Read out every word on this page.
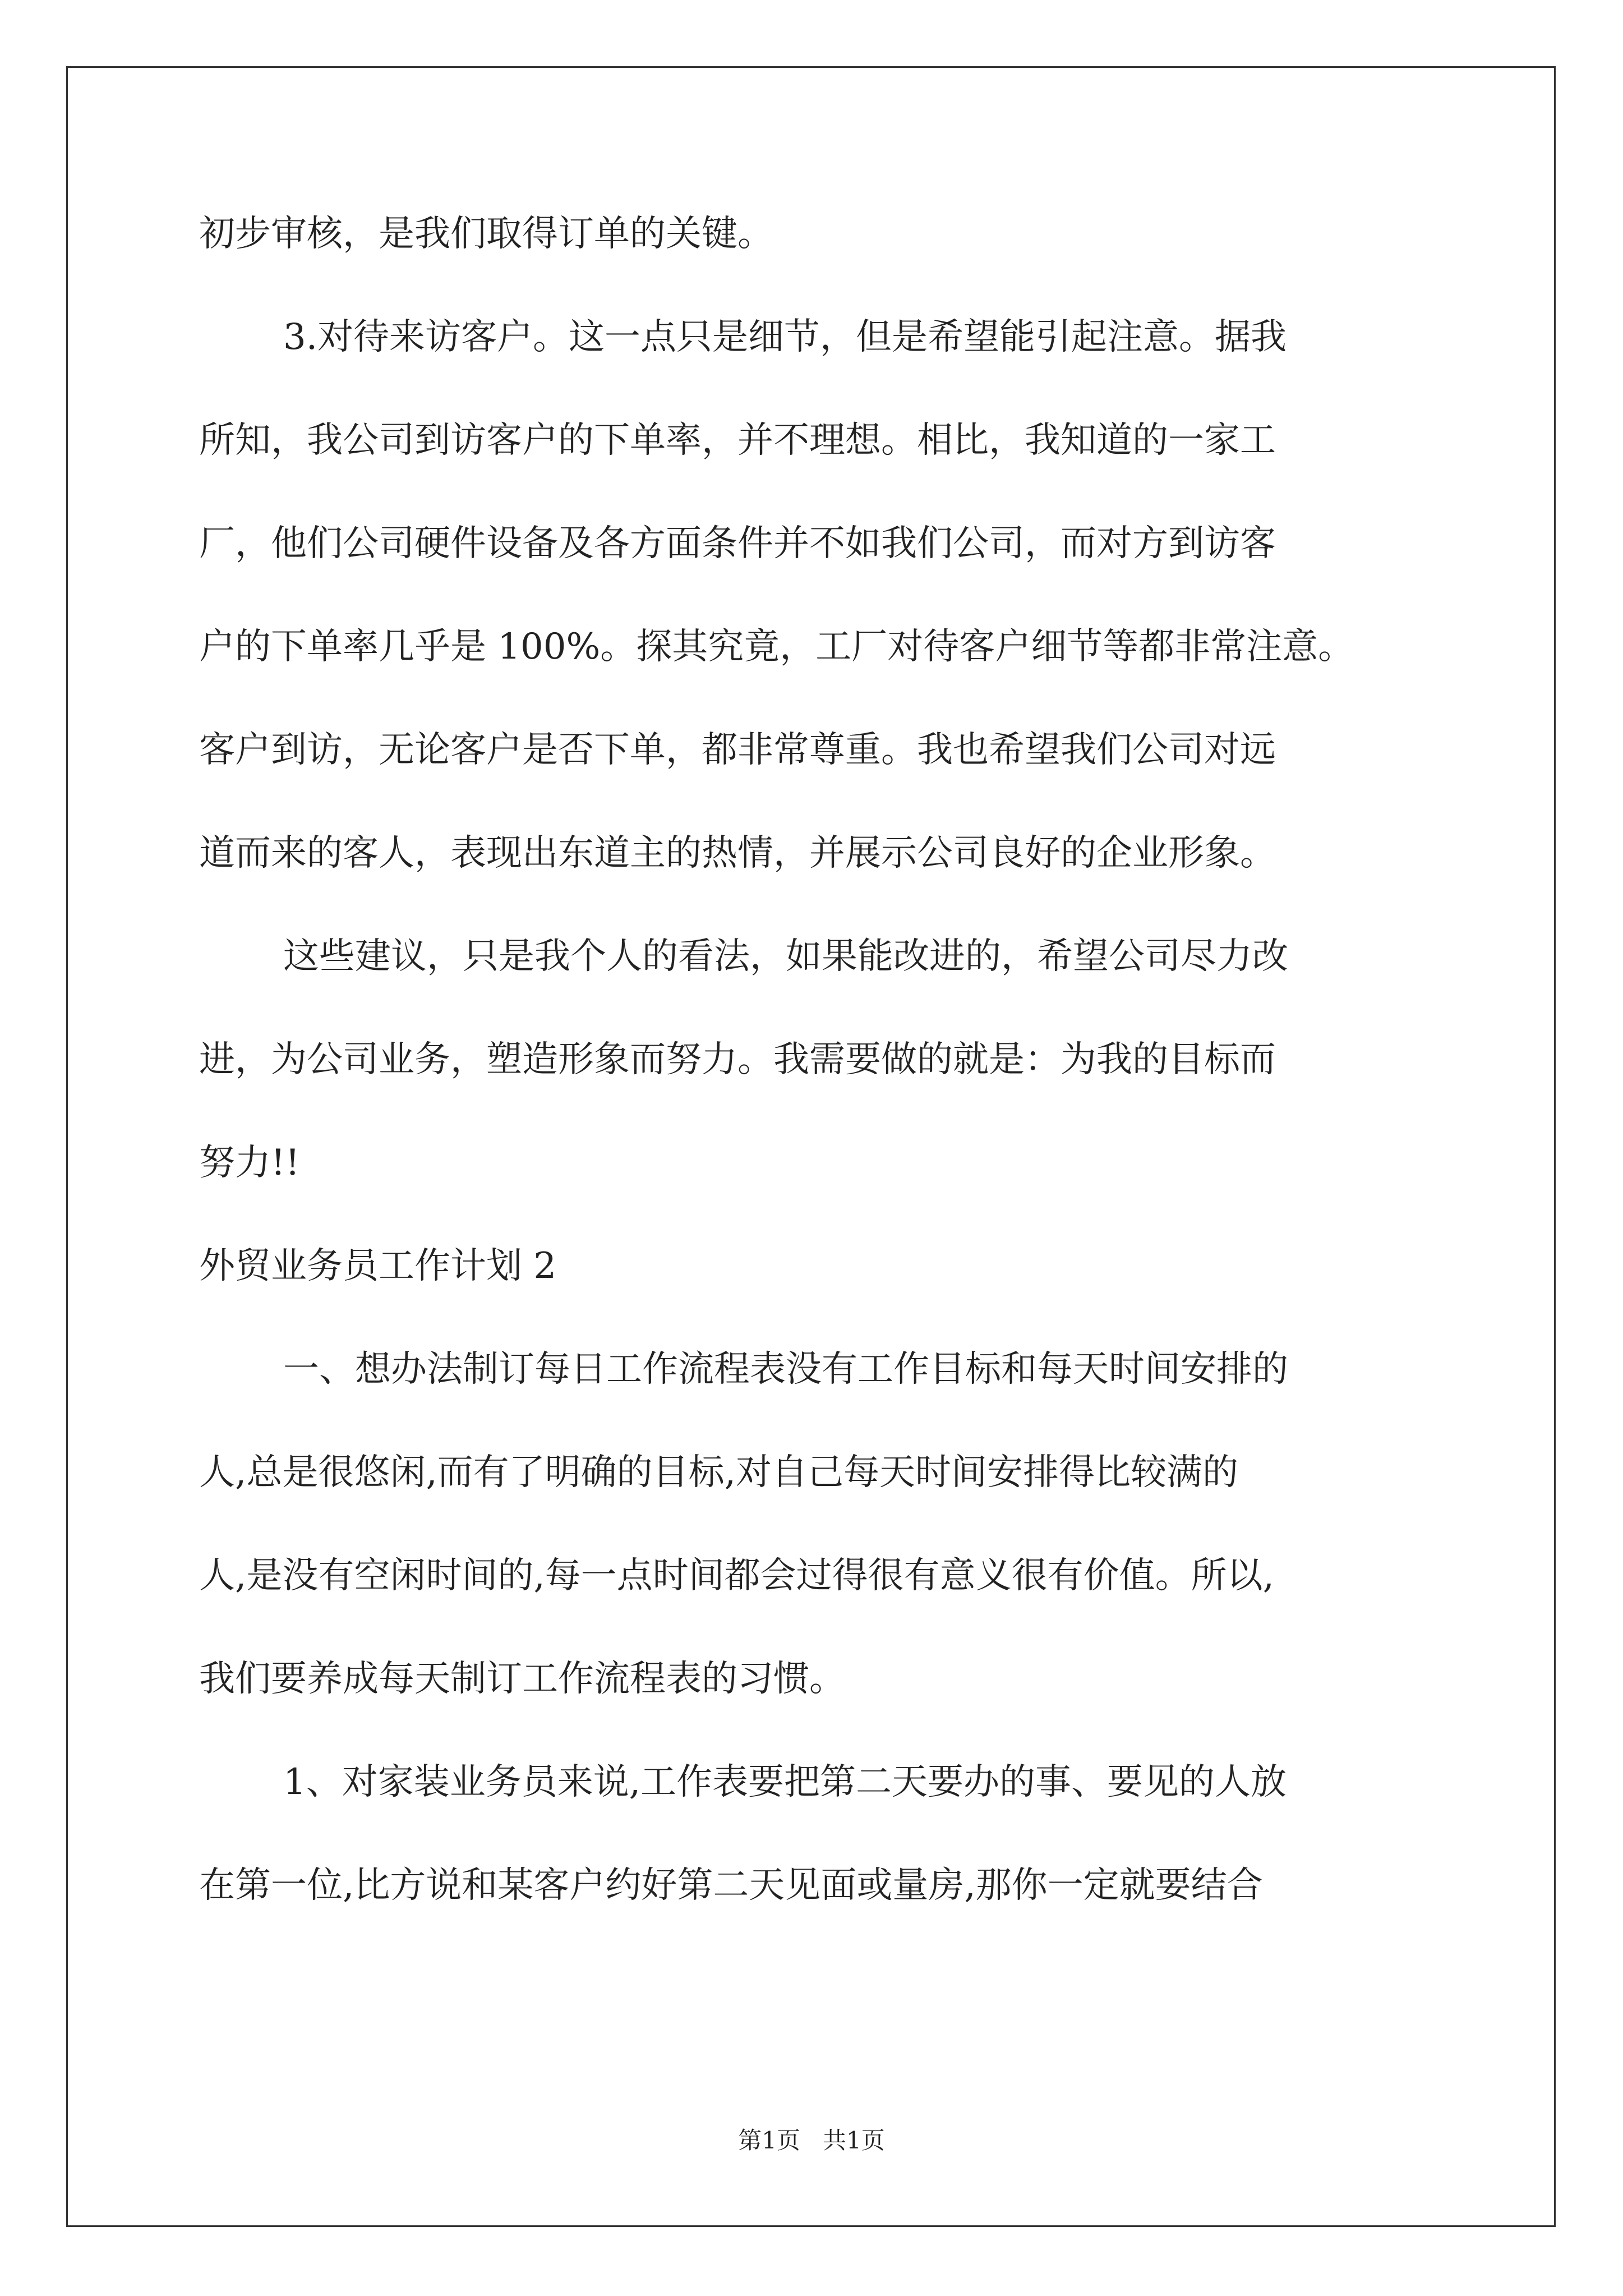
初步审核，是我们取得订单的关键。
3.对待来访客户。这一点只是细节，但是希望能引起注意。据我
所知，我公司到访客户的下单率，并不理想。相比，我知道的一家工
厂，他们公司硬件设备及各方面条件并不如我们公司，而对方到访客
户的下单率几乎是 100%。探其究竟，工厂对待客户细节等都非常注意。
客户到访，无论客户是否下单，都非常尊重。我也希望我们公司对远
道而来的客人，表现出东道主的热情，并展示公司良好的企业形象。
这些建议，只是我个人的看法，如果能改进的，希望公司尽力改
进，为公司业务，塑造形象而努力。我需要做的就是：为我的目标而
努力!!
外贸业务员工作计划 2
一、想办法制订每日工作流程表没有工作目标和每天时间安排的
人,总是很悠闲,而有了明确的目标,对自己每天时间安排得比较满的
人,是没有空闲时间的,每一点时间都会过得很有意义很有价值。所以,
我们要养成每天制订工作流程表的习惯。
1、对家装业务员来说,工作表要把第二天要办的事、要见的人放
在第一位,比方说和某客户约好第二天见面或量房,那你一定就要结合
第1页   共1页
